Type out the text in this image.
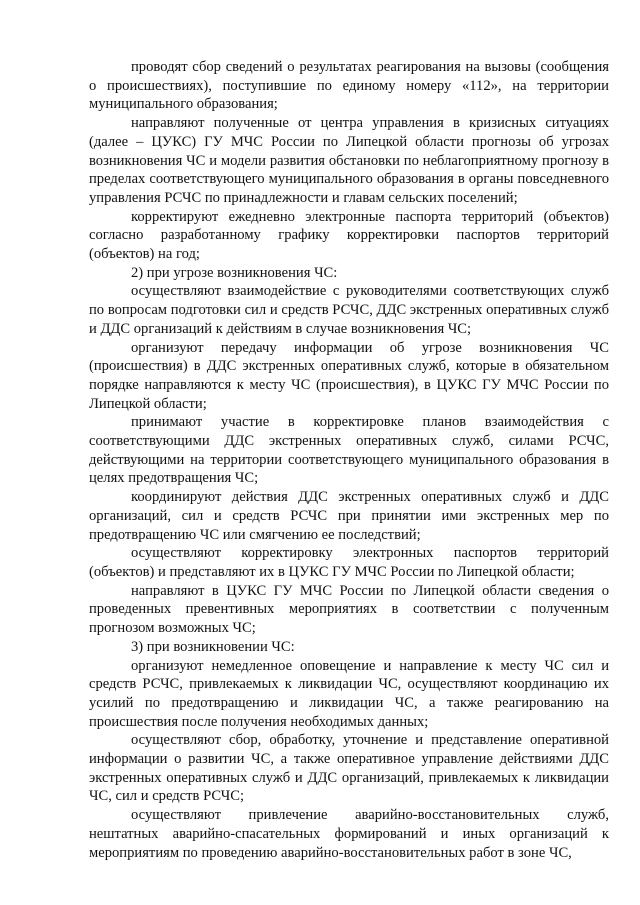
проводят сбор сведений о результатах реагирования на вызовы (сообщения о происшествиях), поступившие по единому номеру «112», на территории муниципального образования;

направляют полученные от центра управления в кризисных ситуациях (далее – ЦУКС) ГУ МЧС России по Липецкой области прогнозы об угрозах возникновения ЧС и модели развития обстановки по неблагоприятному прогнозу в пределах соответствующего муниципального образования в органы повседневного управления РСЧС по принадлежности и главам сельских поселений;

корректируют ежедневно электронные паспорта территорий (объектов) согласно разработанному графику корректировки паспортов территорий (объектов) на год;

2) при угрозе возникновения ЧС:

осуществляют взаимодействие с руководителями соответствующих служб по вопросам подготовки сил и средств РСЧС, ДДС экстренных оперативных служб и ДДС организаций к действиям в случае возникновения ЧС;

организуют передачу информации об угрозе возникновения ЧС (происшествия) в ДДС экстренных оперативных служб, которые в обязательном порядке направляются к месту ЧС (происшествия), в ЦУКС ГУ МЧС России по Липецкой области;

принимают участие в корректировке планов взаимодействия с соответствующими ДДС экстренных оперативных служб, силами РСЧС, действующими на территории соответствующего муниципального образования в целях предотвращения ЧС;

координируют действия ДДС экстренных оперативных служб и ДДС организаций, сил и средств РСЧС при принятии ими экстренных мер по предотвращению ЧС или смягчению ее последствий;

осуществляют корректировку электронных паспортов территорий (объектов) и представляют их в ЦУКС ГУ МЧС России по Липецкой области;

направляют в ЦУКС ГУ МЧС России по Липецкой области сведения о проведенных превентивных мероприятиях в соответствии с полученным прогнозом возможных ЧС;

3) при возникновении ЧС:

организуют немедленное оповещение и направление к месту ЧС сил и средств РСЧС, привлекаемых к ликвидации ЧС, осуществляют координацию их усилий по предотвращению и ликвидации ЧС, а также реагированию на происшествия после получения необходимых данных;

осуществляют сбор, обработку, уточнение и представление оперативной информации о развитии ЧС, а также оперативное управление действиями ДДС экстренных оперативных служб и ДДС организаций, привлекаемых к ликвидации ЧС, сил и средств РСЧС;

осуществляют привлечение аварийно-восстановительных служб, нештатных аварийно-спасательных формирований и иных организаций к мероприятиям по проведению аварийно-восстановительных работ в зоне ЧС,
